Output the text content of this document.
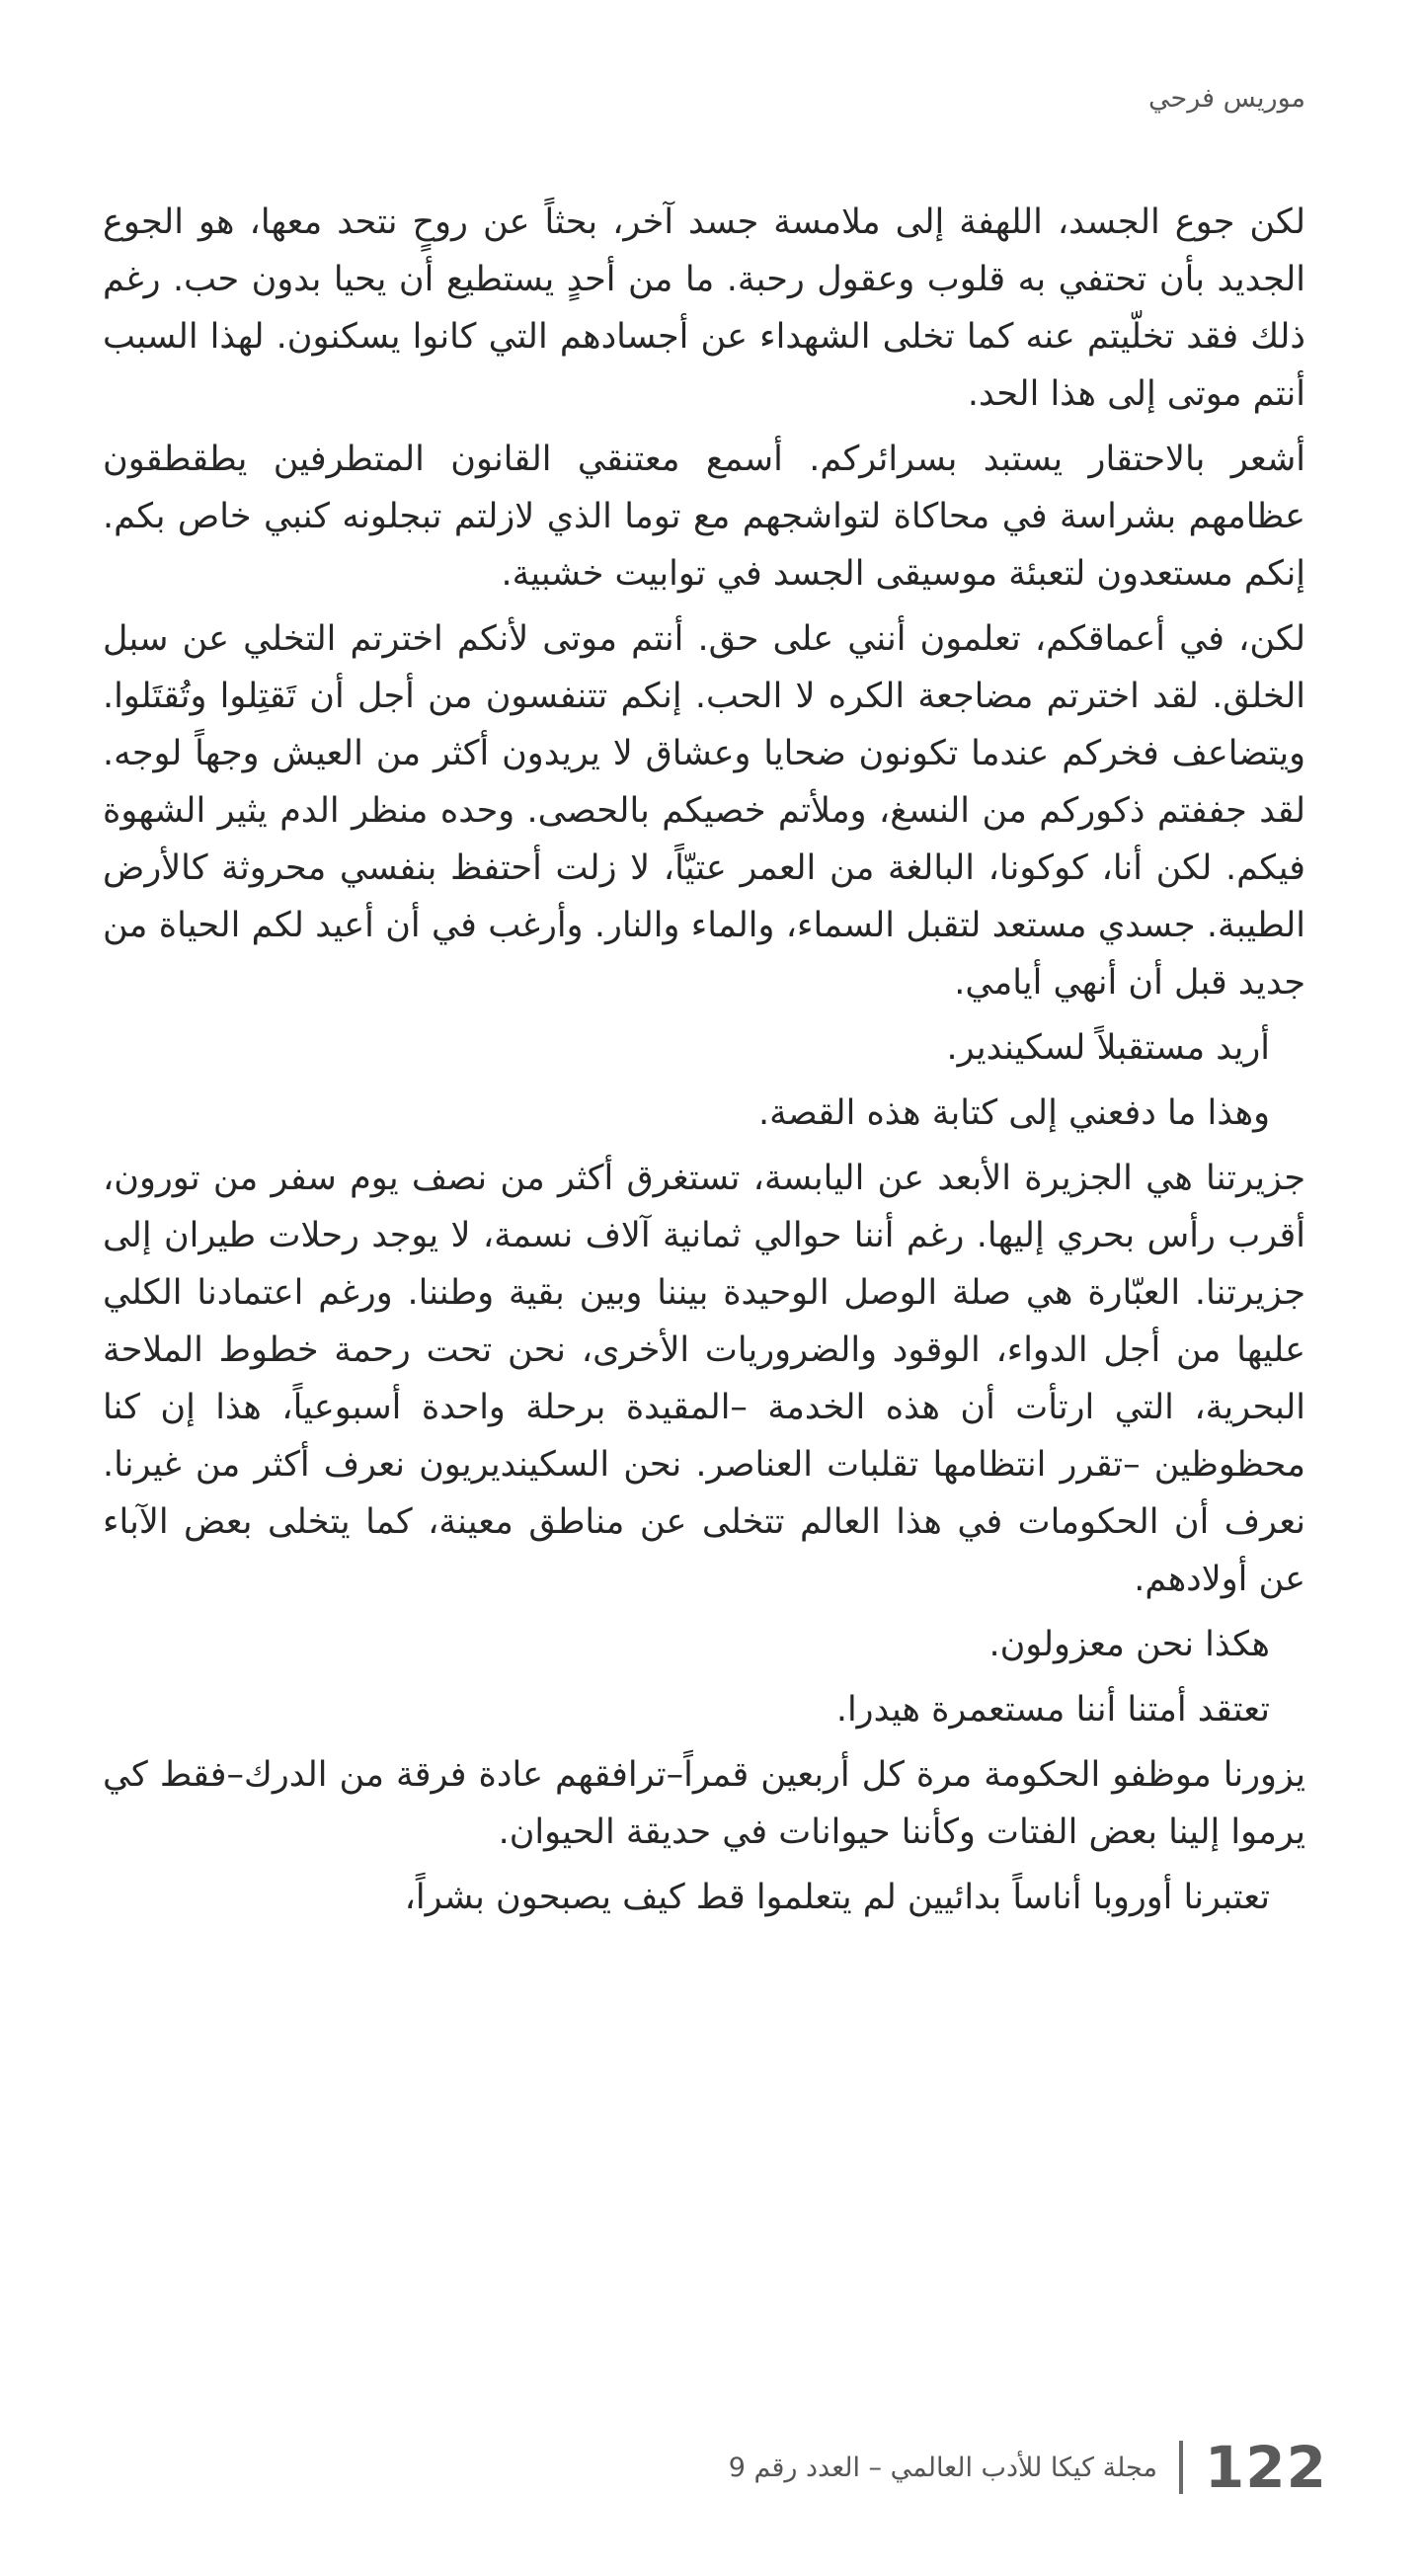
موريس فرحي

لكن جوع الجسد، اللهفة إلى ملامسة جسد آخر، بحثاً عن روحٍ نتحد معها، هو الجوع الجديد بأن تحتفي به قلوب وعقول رحبة. ما من أحدٍ يستطيع أن يحيا بدون حب. رغم ذلك فقد تخلّيتم عنه كما تخلى الشهداء عن أجسادهم التي كانوا يسكنون. لهذا السبب أنتم موتى إلى هذا الحد.

أشعر بالاحتقار يستبد بسرائركم. أسمع معتنقي القانون المتطرفين يطقطقون عظامهم بشراسة في محاكاة لتواشجهم مع توما الذي لازلتم تبجلونه كنبي خاص بكم. إنكم مستعدون لتعبئة موسيقى الجسد في توابيت خشبية.

لكن، في أعماقكم، تعلمون أنني على حق. أنتم موتى لأنكم اخترتم التخلي عن سبل الخلق. لقد اخترتم مضاجعة الكره لا الحب. إنكم تتنفسون من أجل أن تَقتِلوا وتُقتَلوا. ويتضاعف فخركم عندما تكونون ضحايا وعشاق لا يريدون أكثر من العيش وجهاً لوجه. لقد جففتم ذكوركم من النسغ، وملأتم خصيكم بالحصى. وحده منظر الدم يثير الشهوة فيكم. لكن أنا، كوكونا، البالغة من العمر عتيّاً، لا زلت أحتفظ بنفسي محروثة كالأرض الطيبة. جسدي مستعد لتقبل السماء، والماء والنار. وأرغب في أن أعيد لكم الحياة من جديد قبل أن أنهي أيامي.

أريد مستقبلاً لسكيندير.

وهذا ما دفعني إلى كتابة هذه القصة.

جزيرتنا هي الجزيرة الأبعد عن اليابسة، تستغرق أكثر من نصف يوم سفر من تورون، أقرب رأس بحري إليها. رغم أننا حوالي ثمانية آلاف نسمة، لا يوجد رحلات طيران إلى جزيرتنا. العبّارة هي صلة الوصل الوحيدة بيننا وبين بقية وطننا. ورغم اعتمادنا الكلي عليها من أجل الدواء، الوقود والضروريات الأخرى، نحن تحت رحمة خطوط الملاحة البحرية، التي ارتأت أن هذه الخدمة –المقيدة برحلة واحدة أسبوعياً، هذا إن كنا محظوظين –تقرر انتظامها تقلبات العناصر. نحن السكينديريون نعرف أكثر من غيرنا. نعرف أن الحكومات في هذا العالم تتخلى عن مناطق معينة، كما يتخلى بعض الآباء عن أولادهم.

هكذا نحن معزولون.

تعتقد أمتنا أننا مستعمرة هيدرا.

يزورنا موظفو الحكومة مرة كل أربعين قمراً–ترافقهم عادة فرقة من الدرك–فقط كي يرموا إلينا بعض الفتات وكأننا حيوانات في حديقة الحيوان.

تعتبرنا أوروبا أناساً بدائيين لم يتعلموا قط كيف يصبحون بشراً،

122
مجلة كيكا للأدب العالمي – العدد رقم 9
